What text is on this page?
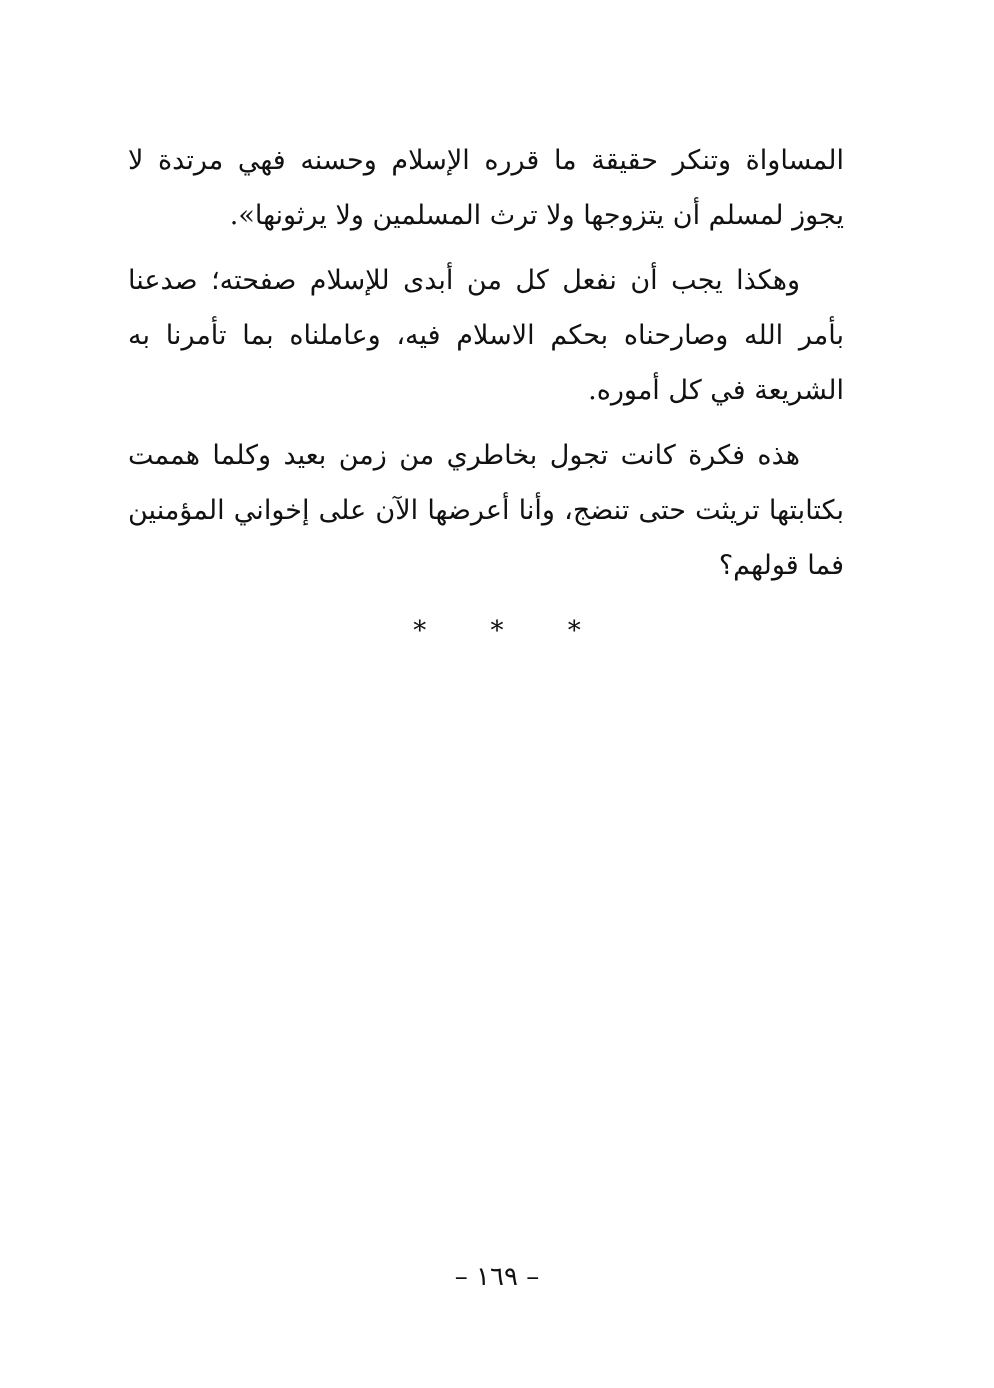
المساواة وتنكر حقيقة ما قرره الإسلام وحسنه فهي مرتدة لا يجوز لمسلم أن يتزوجها ولا ترث المسلمين ولا يرثونها».

وهكذا يجب أن نفعل كل من أبدى للإسلام صفحته؛ صدعنا بأمر الله وصارحناه بحكم الاسلام فيه، وعاملناه بما تأمرنا به الشريعة في كل أموره.

هذه فكرة كانت تجول بخاطري من زمن بعيد وكلما هممت بكتابتها تريثت حتى تنضج، وأنا أعرضها الآن على إخواني المؤمنين فما قولهم؟

* * *
– ١٦٩ –
